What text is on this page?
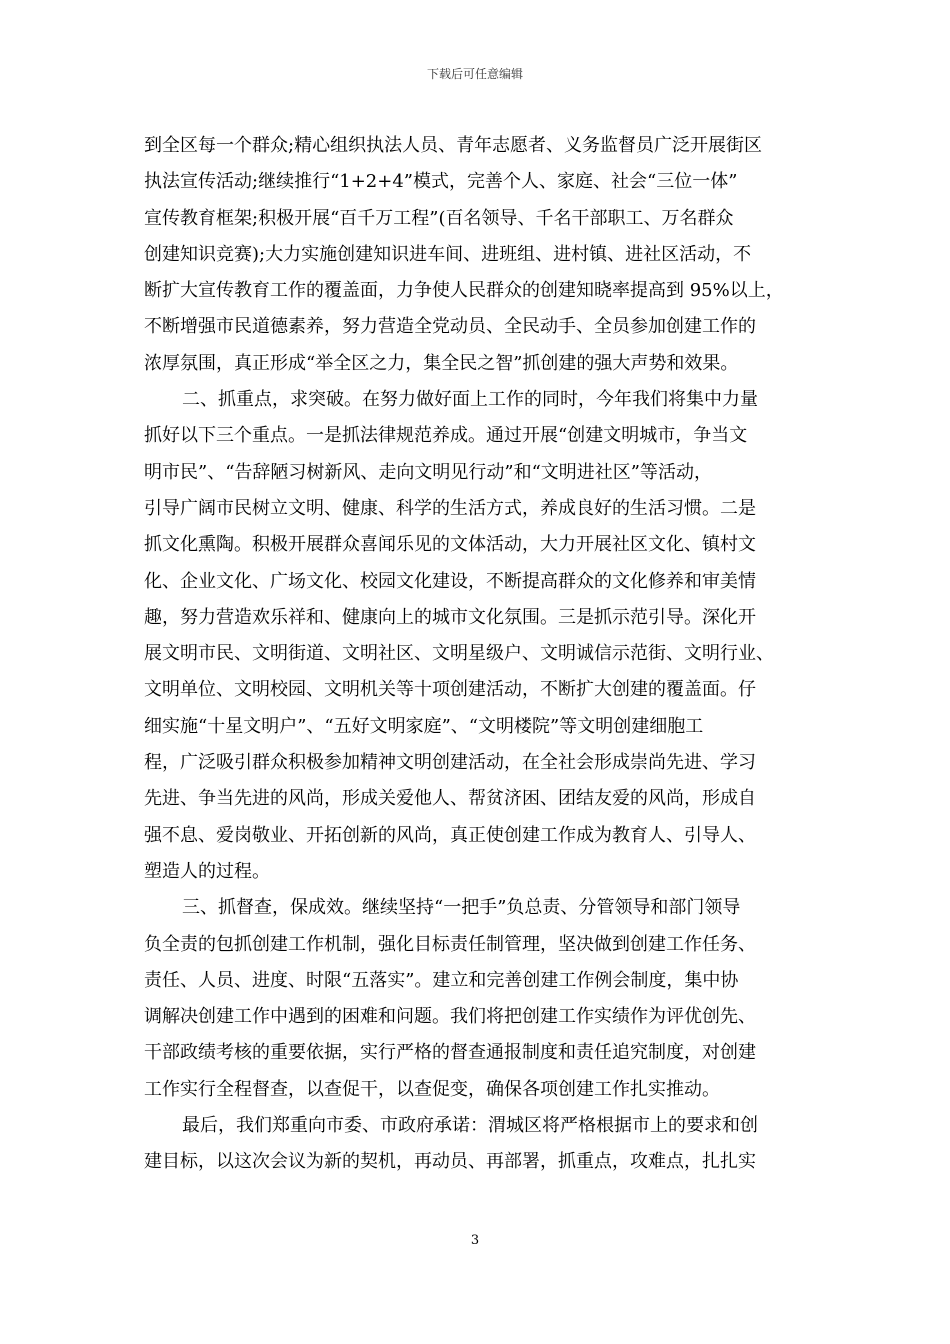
下载后可任意编辑
到全区每一个群众;精心组织执法人员、青年志愿者、义务监督员广泛开展街区
执法宣传活动;继续推行“1+2+4”模式，完善个人、家庭、社会“三位一体”
宣传教育框架;积极开展“百千万工程”(百名领导、千名干部职工、万名群众
创建知识竞赛);大力实施创建知识进车间、进班组、进村镇、进社区活动，不
断扩大宣传教育工作的覆盖面，力争使人民群众的创建知晓率提高到 95%以上，
不断增强市民道德素养，努力营造全党动员、全民动手、全员参加创建工作的
浓厚氛围，真正形成“举全区之力，集全民之智”抓创建的强大声势和效果。
二、抓重点，求突破。在努力做好面上工作的同时，今年我们将集中力量
抓好以下三个重点。一是抓法律规范养成。通过开展“创建文明城市，争当文
明市民”、“告辞陋习树新风、走向文明见行动”和“文明进社区”等活动，
引导广阔市民树立文明、健康、科学的生活方式，养成良好的生活习惯。二是
抓文化熏陶。积极开展群众喜闻乐见的文体活动，大力开展社区文化、镇村文
化、企业文化、广场文化、校园文化建设，不断提高群众的文化修养和审美情
趣，努力营造欢乐祥和、健康向上的城市文化氛围。三是抓示范引导。深化开
展文明市民、文明街道、文明社区、文明星级户、文明诚信示范街、文明行业、
文明单位、文明校园、文明机关等十项创建活动，不断扩大创建的覆盖面。仔
细实施“十星文明户”、“五好文明家庭”、“文明楼院”等文明创建细胞工
程，广泛吸引群众积极参加精神文明创建活动，在全社会形成崇尚先进、学习
先进、争当先进的风尚，形成关爱他人、帮贫济困、团结友爱的风尚，形成自
强不息、爱岗敬业、开拓创新的风尚，真正使创建工作成为教育人、引导人、
塑造人的过程。
三、抓督查，保成效。继续坚持“一把手”负总责、分管领导和部门领导
负全责的包抓创建工作机制，强化目标责任制管理，坚决做到创建工作任务、
责任、人员、进度、时限“五落实”。建立和完善创建工作例会制度，集中协
调解决创建工作中遇到的困难和问题。我们将把创建工作实绩作为评优创先、
干部政绩考核的重要依据，实行严格的督查通报制度和责任追究制度，对创建
工作实行全程督查，以查促干，以查促变，确保各项创建工作扎实推动。
最后，我们郑重向市委、市政府承诺：渭城区将严格根据市上的要求和创
建目标，以这次会议为新的契机，再动员、再部署，抓重点，攻难点，扎扎实
3
